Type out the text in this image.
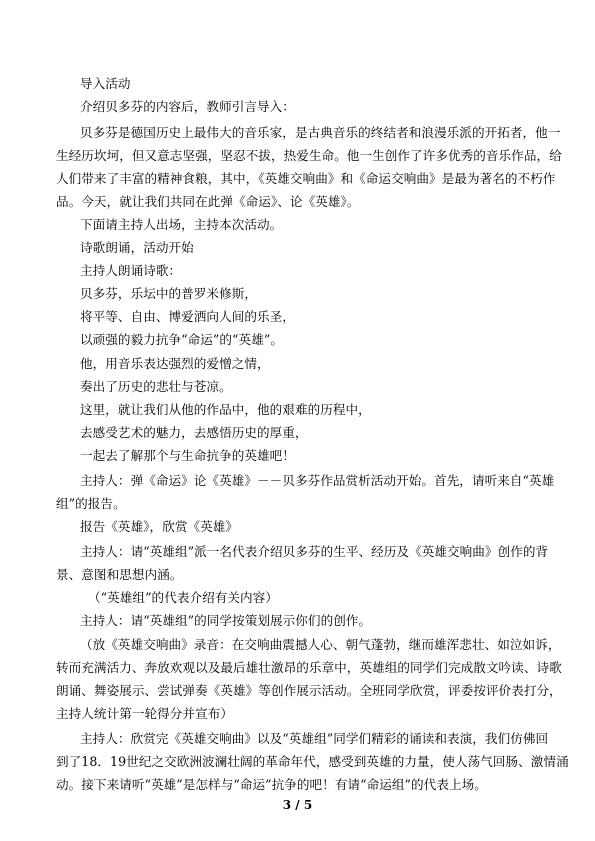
导入活动
介绍贝多芬的内容后，教师引言导入：
贝多芬是德国历史上最伟大的音乐家，是古典音乐的终结者和浪漫乐派的开拓者，他一
生经历坎坷，但又意志坚强，坚忍不拔，热爱生命。他一生创作了许多优秀的音乐作品，给
人们带来了丰富的精神食粮，其中，《英雄交响曲》和《命运交响曲》是最为著名的不朽作
品。今天，就让我们共同在此弹《命运》、论《英雄》。
下面请主持人出场，主持本次活动。
诗歌朗诵，活动开始
主持人朗诵诗歌：
贝多芬，乐坛中的普罗米修斯，
将平等、自由、博爱洒向人间的乐圣，
以顽强的毅力抗争“命运”的“英雄”。
他，用音乐表达强烈的爱憎之情，
奏出了历史的悲壮与苍凉。
这里，就让我们从他的作品中，他的艰难的历程中，
去感受艺术的魅力，去感悟历史的厚重，
一起去了解那个与生命抗争的英雄吧！
主持人：弹《命运》论《英雄》－－贝多芬作品赏析活动开始。首先，请听来自“英雄
组”的报告。
报告《英雄》，欣赏《英雄》
主持人：请“英雄组”派一名代表介绍贝多芬的生平、经历及《英雄交响曲》创作的背
景、意图和思想内涵。
（“英雄组”的代表介绍有关内容）
主持人：请“英雄组”的同学按策划展示你们的创作。
（放《英雄交响曲》录音：在交响曲震撼人心、朝气蓬勃，继而雄浑悲壮、如泣如诉，
转而充满活力、奔放欢观以及最后雄壮激昂的乐章中，英雄组的同学们完成散文吟读、诗歌
朗诵、舞姿展示、尝试弹奏《英雄》等创作展示活动。全班同学欣赏，评委按评价表打分，
主持人统计第一轮得分并宣布）
主持人：欣赏完《英雄交响曲》以及“英雄组”同学们精彩的诵读和表演，我们仿佛回
到了18．19世纪之交欧洲波澜壮阔的革命年代，感受到英雄的力量，使人荡气回肠、激情涌
动。接下来请听“英雄”是怎样与“命运”抗争的吧！有请“命运组”的代表上场。
3 / 5
